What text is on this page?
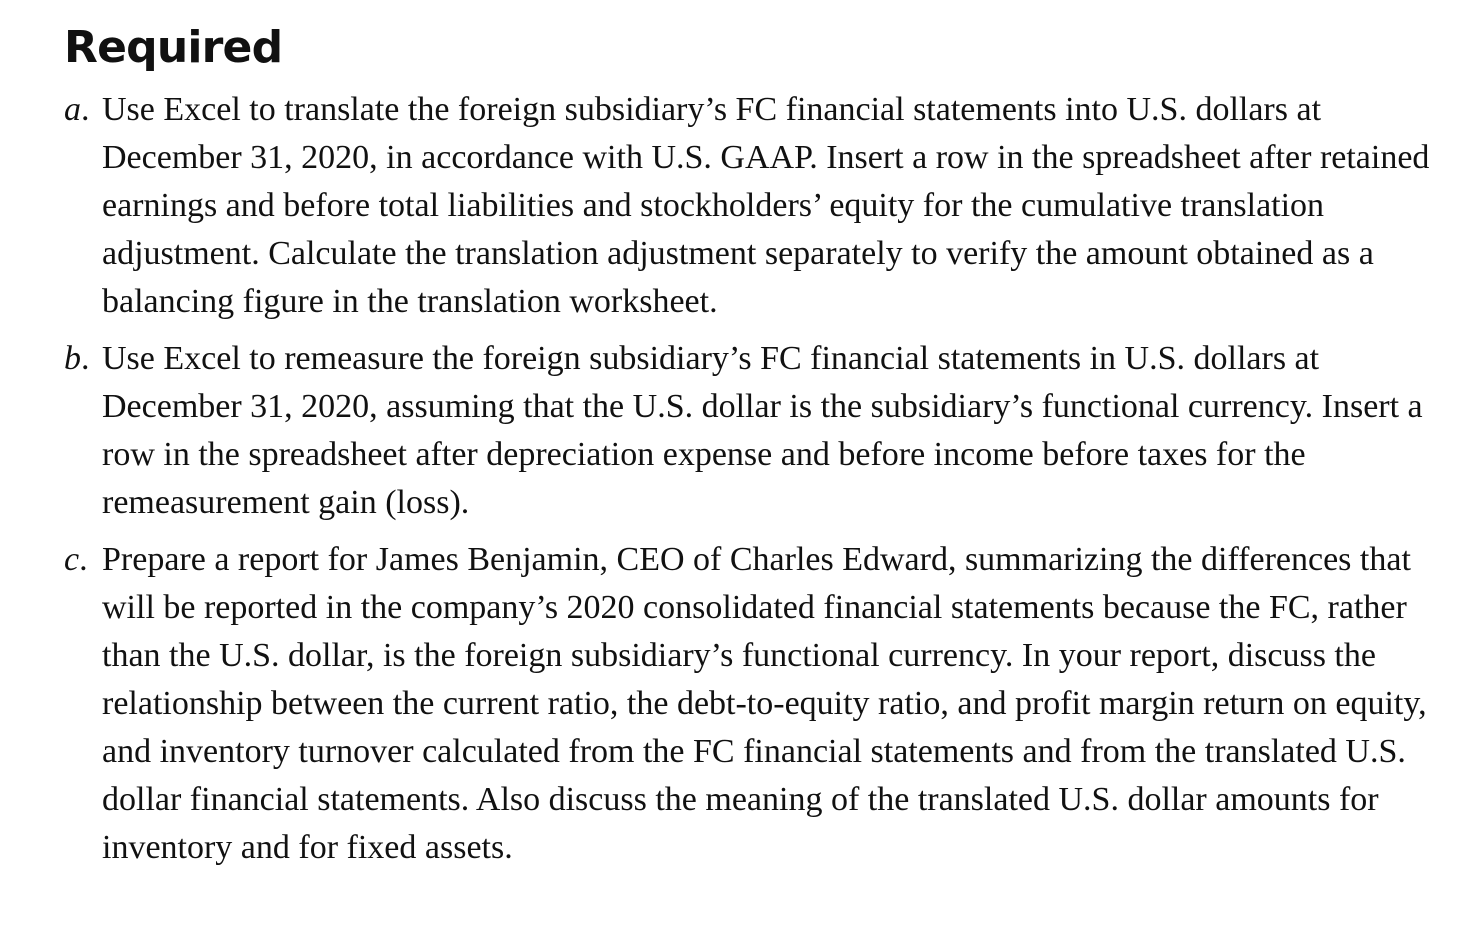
Required
a. Use Excel to translate the foreign subsidiary’s FC financial statements into U.S. dollars at December 31, 2020, in accordance with U.S. GAAP. Insert a row in the spreadsheet after retained earnings and before total liabilities and stockholders’ equity for the cumulative translation adjustment. Calculate the translation adjustment separately to verify the amount obtained as a balancing figure in the translation worksheet.
b. Use Excel to remeasure the foreign subsidiary’s FC financial statements in U.S. dollars at December 31, 2020, assuming that the U.S. dollar is the subsidiary’s functional currency. Insert a row in the spreadsheet after depreciation expense and before income before taxes for the remeasurement gain (loss).
c. Prepare a report for James Benjamin, CEO of Charles Edward, summarizing the differences that will be reported in the company’s 2020 consolidated financial statements because the FC, rather than the U.S. dollar, is the foreign subsidiary’s functional currency. In your report, discuss the relationship between the current ratio, the debt-to-equity ratio, and profit margin return on equity, and inventory turnover calculated from the FC financial statements and from the translated U.S. dollar financial statements. Also discuss the meaning of the translated U.S. dollar amounts for inventory and for fixed assets.
